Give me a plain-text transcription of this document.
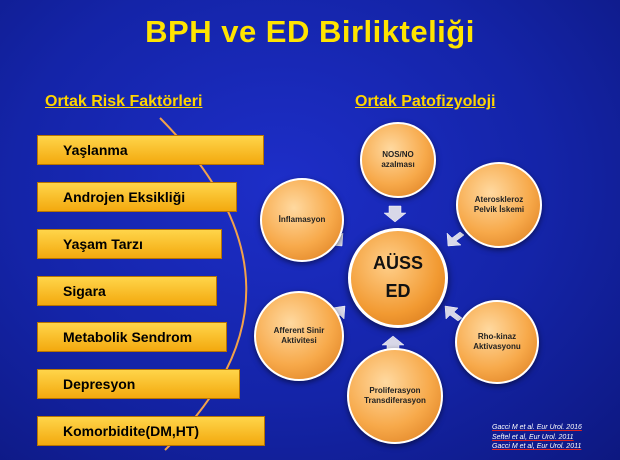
BPH ve ED Birlikteliği
Ortak Risk Faktörleri	Ortak Patofizyoloji
Yaşlanma
Androjen Eksikliği
Yaşam Tarzı
Sigara
Metabolik Sendrom
Depresyon
Komorbidite(DM,HT)
AÜSS
ED
NOS/NO azalması
Ateroskleroz Pelvik İskemi
Rho-kinaz Aktivasyonu
Proliferasyon Transdiferasyon
Afferent Sinir Aktivitesi
İnflamasyon
Gacci M et al. Eur Urol. 2016
Seftel et al, Eur Urol. 2011
Gacci M et al, Eur Urol. 2011
